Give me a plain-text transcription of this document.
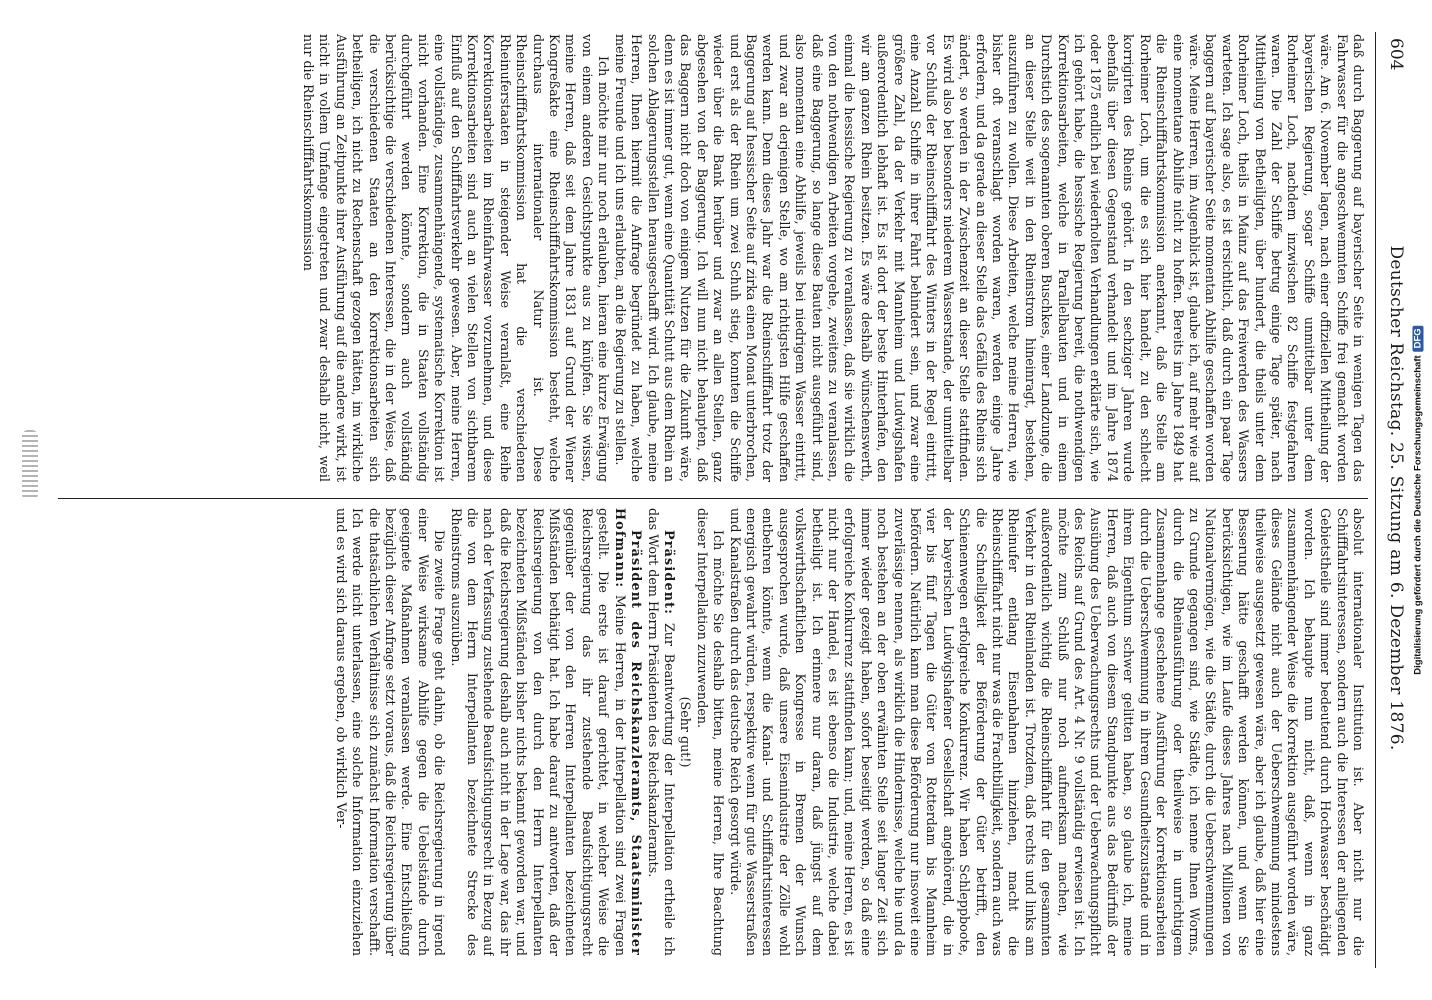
604
Deutscher Reichstag. 25. Sitzung am 6. Dezember 1876.

daß durch Baggerung auf bayerischer Seite in wenigen Tagen das Fahrwasser für die angeschwemmten Schiffe frei gemacht worden wäre. Am 6. November lagen, nach einer offiziellen Mittheilung der bayerischen Regierung, sogar Schiffe unmittelbar unter dem Rorheimer Loch, nachdem inzwischen 82 Schiffe festgefahren waren. Die Zahl der Schiffe betrug einige Tage später, nach Mittheilung von Betheiligten, über hundert, die theils unter dem Rorheimer Loch, theils in Mainz auf das Freiwerden des Wassers warteten. Ich sage also, es ist ersichtlich, daß durch ein paar Tage baggern auf bayerischer Seite momentan Abhilfe geschaffen worden wäre. Meine Herren, im Augenblick ist, glaube ich, auf mehr wie auf eine momentane Abhilfe nicht zu hoffen. Bereits im Jahre 1849 hat die Rheinschifffahrtskommission anerkannt, daß die Stelle am Rorheimer Loch, um die es sich hier handelt, zu den schlecht korrigirten des Rheins gehört. In den sechziger Jahren wurde ebenfalls über diesen Gegenstand verhandelt und im Jahre 1874 oder 1875 endlich bei wiederholten Verhandlungen erklärte sich, wie ich gehört habe, die hessische Regierung bereit, die nothwendigen Korrektionsarbeiten, welche in Parallelbauten und in einem Durchstich des sogenannten oberen Buschkes, einer Landzunge, die an dieser Stelle weit in den Rheinstrom hineinragt, bestehen, auszuführen zu wollen. Diese Arbeiten, welche meine Herren, wie bisher oft veranschlagt worden waren, werden einige Jahre erfordern, und da gerade an dieser Stelle das Gefälle des Rheins sich ändert, so werden in der Zwischenzeit an dieser Stelle stattfinden. Es wird also bei besonders niederem Wasserstande, der unmittelbar vor Schluß der Rheinschifffahrt des Winters in der Regel eintritt, eine Anzahl Schiffe in ihrer Fahrt behindert sein, und zwar eine größere Zahl, da der Verkehr mit Mannheim und Ludwigshafen außerordentlich lebhaft ist. Es ist dort der beste Hinterhafen, den wir am ganzen Rhein besitzen. Es wäre deshalb wünschenswerth, einmal die hessische Regierung zu veranlassen, daß sie wirklich die von den nothwendigen Arbeiten vorgehe, zweitens zu veranlassen, daß eine Baggerung, so lange diese Bauten nicht ausgeführt sind, also momentan eine Abhilfe, jeweils bei niedrigem Wasser eintritt, und zwar an derjenigen Stelle, wo am richtigsten Hilfe geschaffen werden kann. Denn dieses Jahr war die Rheinschifffahrt trotz der Baggerung auf hessischer Seite auf zirka einen Monat unterbrochen, und erst als der Rhein um zwei Schuh stieg, konnten die Schiffe wieder über die Bank herüber und zwar an allen Stellen, ganz abgesehen von der Baggerung. Ich will nun nicht behaupten, daß das Baggern nicht doch von einigem Nutzen für die Zukunft wäre, denn es ist immer gut, wenn eine Quantität Schutt aus dem Rhein an solchen Ablagerungsstellen herausgeschafft wird. Ich glaube, meine Herren, Ihnen hiermit die Anfrage begründet zu haben, welche meine Freunde und ich uns erlaubten, an die Regierung zu stellen.

Ich möchte mir nur noch erlauben, hieran eine kurze Erwägung von einem anderen Gesichtspunkte aus zu knüpfen. Sie wissen, meine Herren, daß seit dem Jahre 1831 auf Grund der Wiener Kongreßakte eine Rheinschifffahrtskommission besteht, welche durchaus internationaler Natur ist. Diese Rheinschifffahrtskommission hat die verschiedenen Rheinuferstaaten in steigender Weise veranlaßt, eine Reihe Korrektionsarbeiten im Rheinfahrwasser vorzunehmen, und diese Korrektionsarbeiten sind auch an vielen Stellen von sichtbarem Einfluß auf den Schifffahrtsverkehr gewesen. Aber, meine Herren, eine vollständige, zusammenhängende, systematische Korrektion ist nicht vorhanden. Eine Korrektion, die in Staaten vollständig durchgeführt werden könnte, sondern auch vollständig berücksichtige die verschiedenen Interessen, die in der Weise, daß die verschiedenen Staaten an den Korrektionsarbeiten sich betheiligen, ich nicht zu Rechenschaft gezogen hätten, im wirkliche Ausführung an Zeitpunkte ihrer Ausführung auf die andere wirkt, ist nicht in vollem Umfange eingetreten und zwar deshalb nicht, weil nur die Rheinschifffahrtskommission

absolut internationaler Institution ist. Aber nicht nur die Schifffahrtsinteressen, sondern auch die Interessen der anliegenden Gebietstheile sind immer bedeutend durch Hochwasser beschädigt worden. Ich behaupte nun nicht, daß, wenn in ganz zusammenhängender Weise die Korrektion ausgeführt worden wäre, dieses Gelände nicht auch der Ueberschwemmung mindestens theilweise ausgesetzt gewesen wäre, aber ich glaube, daß hier eine Besserung hätte geschafft werden können, und wenn Sie berücksichtigen, wie im Laufe dieses Jahres nach Millionen von Nationalvermögen, wie die Städte, durch die Ueberschwemmungen zu Grunde gegangen sind, wie Städte, ich nenne Ihnen Worms, durch die Rheinausführung oder theilweise in unrichtigem Zusammenhange geschehene Ausführung der Korrektionsarbeiten durch die Ueberschwemmung in ihrem Gesundheitszustande und in ihrem Eigenthum schwer gelitten haben, so glaube ich, meine Herren, daß auch von diesem Standpunkte aus das Bedürfniß der Ausübung des Ueberwachungsrechts und der Ueberwachungspflicht des Reichs auf Grund des Art. 4 Nr. 9 vollständig erwiesen ist. Ich möchte zum Schluß nur noch aufmerksam machen, wie außerordentlich wichtig die Rheinschifffahrt für den gesammten Verkehr in den Rheinlanden ist. Trotzdem, daß rechts und links am Rheinufer entlang Eisenbahnen hinziehen, macht die Rheinschifffahrt nicht nur was die Frachtbilligkeit, sondern auch was die Schnelligkeit der Beförderung der Güter betrifft, den Schienenwegen erfolgreiche Konkurrenz. Wir haben Schleppboote, der bayerischen Ludwigshafener Gesellschaft angehörend, die in vier bis fünf Tagen die Güter von Rotterdam bis Mannheim befördern. Natürlich kann man diese Beförderung nur insoweit eine zuverlässige nennen, als wirklich die Hindernisse, welche hie und da noch bestehen an der oben erwähnten Stelle seit langer Zeit sich immer wieder gezeigt haben, sofort beseitigt werden, so daß eine erfolgreiche Konkurrenz stattfinden kann; und, meine Herren, es ist nicht nur der Handel, es ist ebenso die Industrie, welche dabei betheiligt ist. Ich erinnere nur daran, daß jüngst auf dem volkswirthschaftlichen Kongresse in Bremen der Wunsch ausgesprochen wurde, daß unsere Eisenindustrie der Zölle wohl entbehren könnte, wenn die Kanal- und Schifffahrtsinteressen energisch gewahrt würden, respektive wenn für gute Wasserstraßen und Kanalstraßen durch das deutsche Reich gesorgt würde.

Ich möchte Sie deshalb bitten, meine Herren, Ihre Beachtung dieser Interpellation zuzuwenden.

(Sehr gut!)

Präsident: Zur Beantwortung der Interpellation ertheile ich das Wort dem Herrn Präsidenten des Reichskanzleramts.

Präsident des Reichskanzleramts, Staatsminister Hofmann: Meine Herren, in der Interpellation sind zwei Fragen gestellt. Die erste ist darauf gerichtet, in welcher Weise die Reichsregierung das ihr zustehende Beaufsichtigungsrecht gegenüber der von den Herren Interpellanten bezeichneten Mißständen bethätigt hat. Ich habe darauf zu antworten, daß der Reichsregierung von den durch den Herrn Interpellanten bezeichneten Mißständen bisher nichts bekannt geworden war, und daß die Reichsregierung deshalb auch nicht in der Lage war, das ihr nach der Verfassung zustehende Beaufsichtigungsrecht in Bezug auf die von dem Herrn Interpellanten bezeichnete Strecke des Rheinstroms auszuüben.

Die zweite Frage geht dahin, ob die Reichsregierung in irgend einer Weise wirksame Abhilfe gegen die Uebelstände durch geeignete Maßnahmen veranlassen werde. Eine Entschließung bezüglich dieser Anfrage setzt voraus, daß die Reichsregierung über die thatsächlichen Verhältnisse sich zunächst Information verschafft. Ich werde nicht unterlassen, eine solche Information einzuziehen und es wird sich daraus ergeben, ob wirklich Ver-	Digitalisierung gefördert durch die Deutsche ForschungsgemeinschaftDFG
